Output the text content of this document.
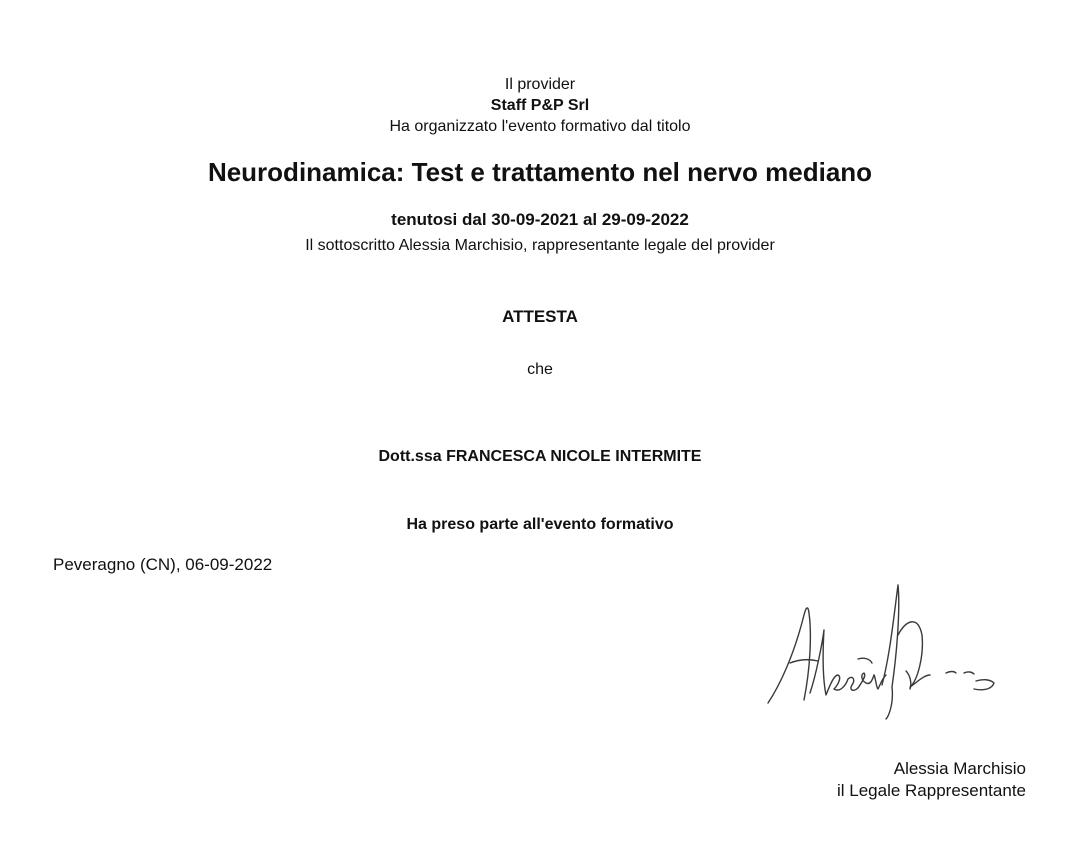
Il provider
Staff P&P Srl
Ha organizzato l'evento formativo dal titolo
Neurodinamica: Test e trattamento nel nervo mediano
tenutosi dal 30-09-2021 al 29-09-2022
Il sottoscritto Alessia Marchisio, rappresentante legale del provider
ATTESTA
che
Dott.ssa FRANCESCA NICOLE INTERMITE
Ha preso parte all'evento formativo
Peveragno (CN), 06-09-2022
Alessia Marchisio
il Legale Rappresentante
